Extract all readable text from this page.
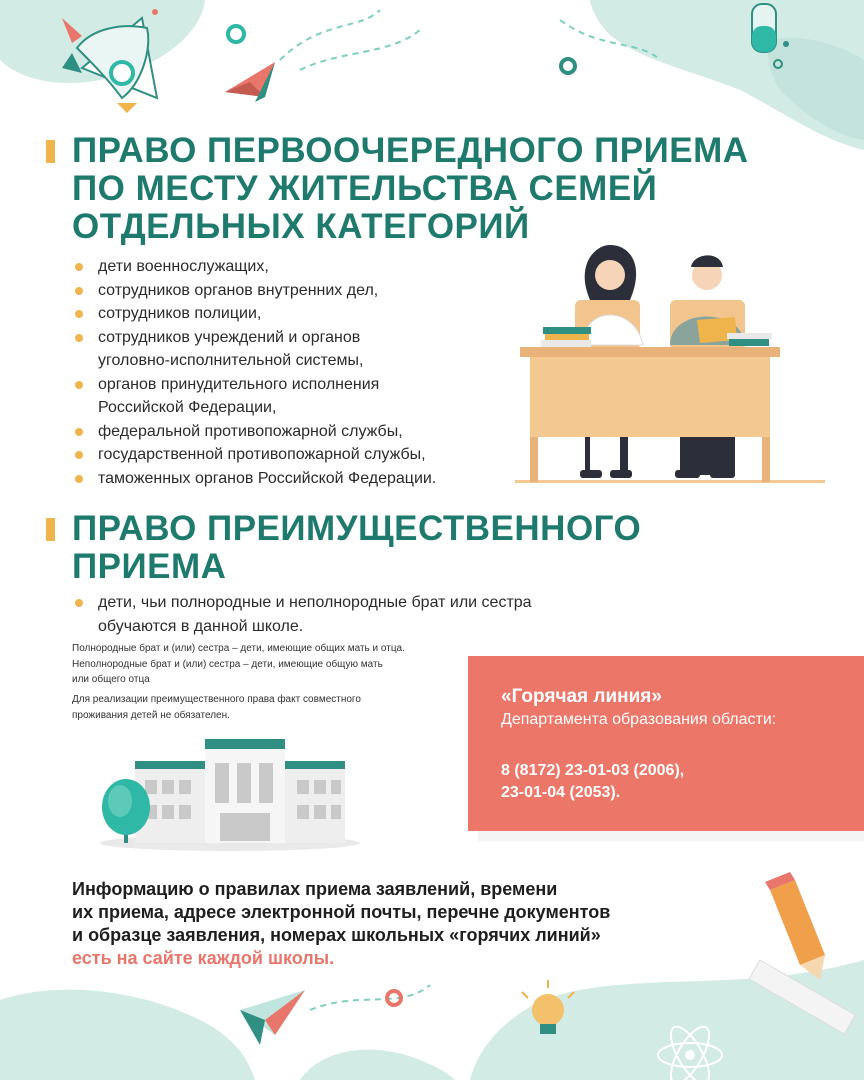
ПРАВО ПЕРВООЧЕРЕДНОГО ПРИЕМА
ПО МЕСТУ ЖИТЕЛЬСТВА СЕМЕЙ
ОТДЕЛЬНЫХ КАТЕГОРИЙ
дети военнослужащих,
сотрудников органов внутренних дел,
сотрудников полиции,
сотрудников учреждений и органов
уголовно-исполнительной системы,
органов принудительного исполнения
Российской Федерации,
федеральной противопожарной службы,
государственной противопожарной службы,
таможенных органов Российской Федерации.
ПРАВО ПРЕИМУЩЕСТВЕННОГО
ПРИЕМА
дети, чьи полнородные и неполнородные брат или сестра
обучаются в данной школе.
Полнородные брат и (или) сестра – дети, имеющие общих мать и отца.
Неполнородные брат и (или) сестра – дети, имеющие общую мать
или общего отца
Для реализации преимущественного права факт совместного
проживания детей не обязателен.
«Горячая линия»
Департамента образования области:
8 (8172) 23-01-03 (2006),
23-01-04 (2053).
Информацию о правилах приема заявлений, времени
их приема, адресе электронной почты, перечне документов
и образце заявления, номерах школьных «горячих линий»
есть на сайте каждой школы.
